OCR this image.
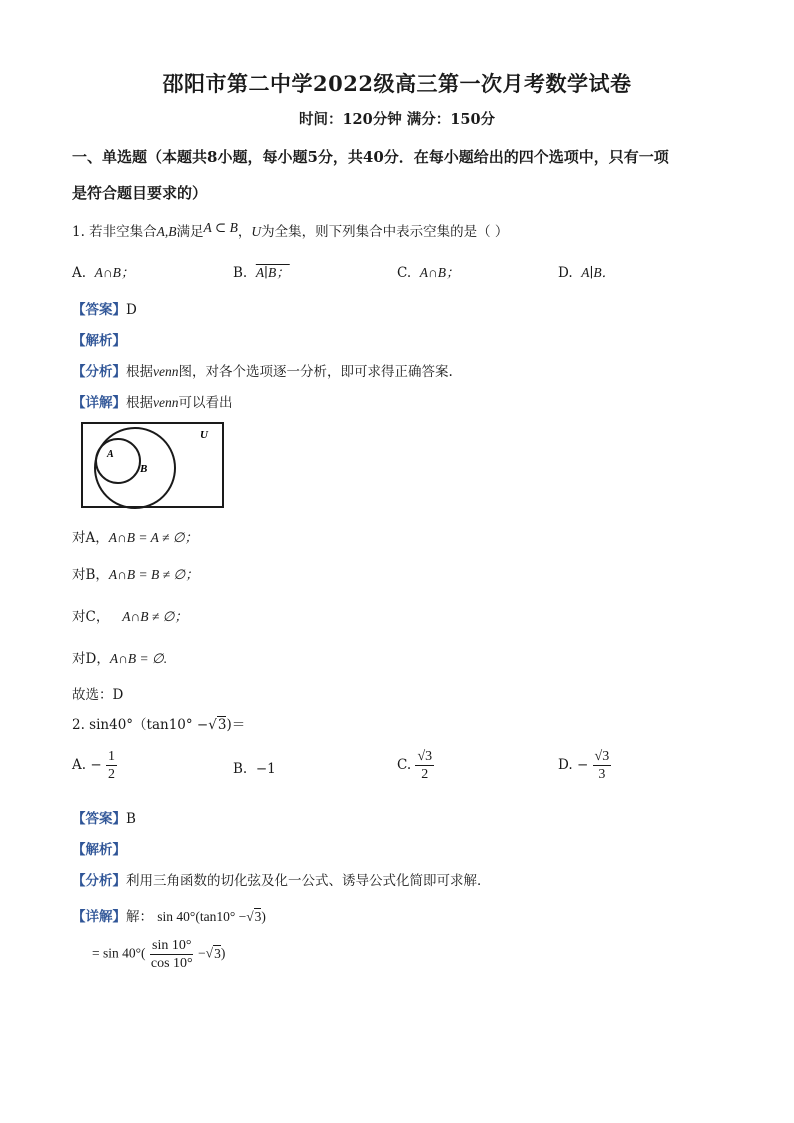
邵阳市第二中学2022级高三第一次月考数学试卷
时间：120分钟 满分：150分
一、单选题（本题共8小题，每小题5分，共40分．在每小题给出的四个选项中，只有一项
是符合题目要求的）
1. 若非空集合A,B满足A ⊂ B，U为全集，则下列集合中表示空集的是（ ）
A. A∩B；	B. A∣B；	C. A∩B；	D. A∣B．
【答案】D
【解析】
【分析】根据venn图，对各个选项逐一分析，即可求得正确答案.
【详解】根据venn可以看出
U
B
A
对A，A∩B = A ≠ ∅；
对B，A∩B = B ≠ ∅；
对C， A∩B ≠ ∅；
对D，A∩B = ∅.
故选：D
2. sin40°（tan10° −√3)＝
A. − $\frac{1}{2}$	B. −1	C. $\frac{√3}{2}$	D. − $\frac{√3}{3}$
【答案】B
【解析】
【分析】利用三角函数的切化弦及化一公式、诱导公式化简即可求解．
【详解】解： sin 40°(tan10° −√3)
= $\sin 40^\circ( \frac{\sin 10^\circ}{\cos 10^\circ} -√3)$
